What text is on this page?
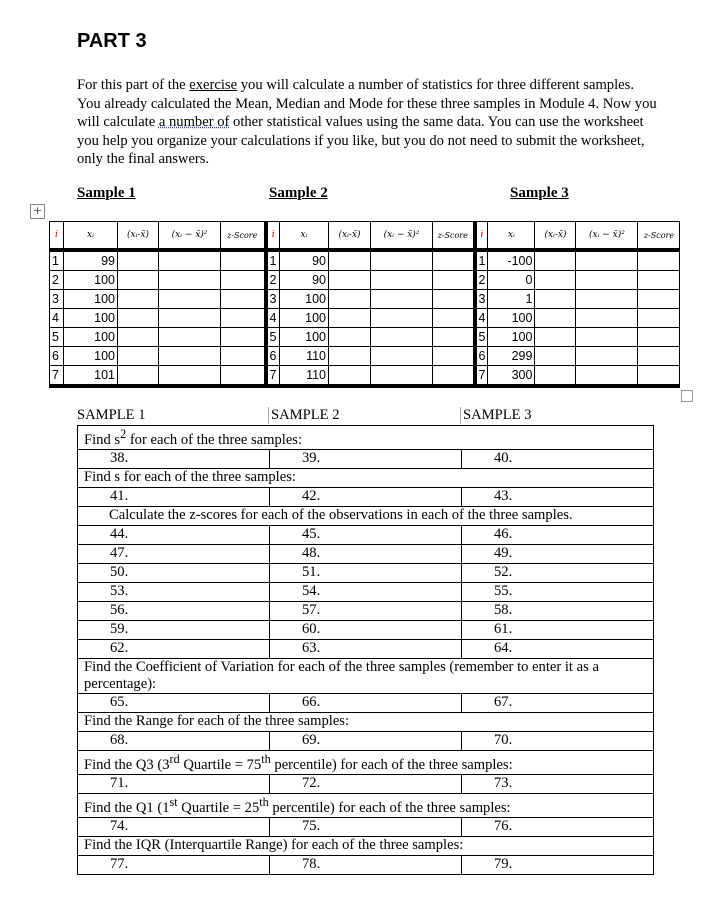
PART 3
For this part of the exercise you will calculate a number of statistics for three different samples. You already calculated the Mean, Median and Mode for these three samples in Module 4. Now you will calculate a number of other statistical values using the same data. You can use the worksheet you help you organize your calculations if you like, but you do not need to submit the worksheet, only the final answers.
Sample 1	Sample 2	Sample 3
+
i	xᵢ	(xᵢ-x̄)	(xᵢ − x̄)²	z-Score	i	xᵢ	(xᵢ-x̄)	(xᵢ − x̄)²	z-Score	i	xᵢ	(xᵢ-x̄)	(xᵢ − x̄)²	z-Score
1	99				1	90				1	-100			
2	100				2	90				2	0			
3	100				3	100				3	1			
4	100				4	100				4	100			
5	100				5	100				5	100			
6	100				6	110				6	299			
7	101				7	110				7	300			
SAMPLE 1	SAMPLE 2	SAMPLE 3
Find $s^2$ for each of the three samples:		
38.	39.	40.
Find s for each of the three samples:		
41.	42.	43.
Calculate the z-scores for each of the observations in each of the three samples.		
44.	45.	46.
47.	48.	49.
50.	51.	52.
53.	54.	55.
56.	57.	58.
59.	60.	61.
62.	63.	64.
Find the Coefficient of Variation for each of the three samples (remember to enter it as a percentage):		
65.	66.	67.
Find the Range for each of the three samples:		
68.	69.	70.
Find the Q3 (3rd Quartile = 75th percentile) for each of the three samples:		
71.	72.	73.
Find the Q1 (1st Quartile = 25th percentile) for each of the three samples:		
74.	75.	76.
Find the IQR (Interquartile Range) for each of the three samples:		
77.	78.	79.
